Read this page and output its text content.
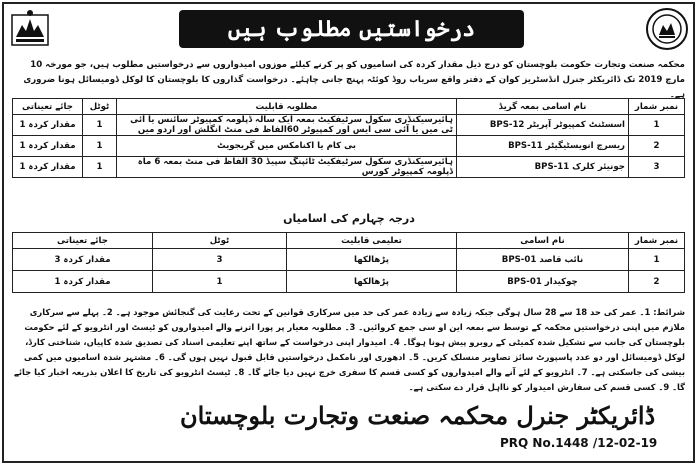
درخواستیں مطلوب ہیں

محکمہ صنعت وتجارت حکومت بلوچستان کو درج ذیل مقدار کردہ کی اسامیوں کو پر کرنے کیلئے موزوں امیدواروں سے درخواستیں مطلوب ہیں، جو مورخہ 10 مارچ 2019 تک ڈائریکٹر جنرل انڈسٹریز کوان کے دفتر واقع سریاب روڈ کوئٹہ پہنچ جانی چاہئے۔ درخواست گذاروں کا بلوچستان کا لوکل ڈومیسائل ہونا ضروری ہے۔

نمبر شمار	نام اسامی بمعہ گریڈ	مطلوبہ قابلیت	ٹوٹل	جائے تعیناتی
1	اسسٹنٹ کمپیوٹر آپریٹر BPS-12	ہائیرسیکنڈری سکول سرٹیفکیٹ بمعہ ایک سالہ ڈپلومہ کمپیوٹر سائنس یا آئی ٹی میں یا آئی سی ایس اور کمپیوٹر 60الفاظ فی منٹ انگلش اور اردو میں	1	مقدار کردہ 1
2	ریسرچ انویسٹیگیٹر BPS-11	بی کام یا اکنامکس میں گریجویٹ	1	مقدار کردہ 1
3	جونیئر کلرک BPS-11	ہائیرسیکنڈری سکول سرٹیفکیٹ ٹائپنگ سپیڈ 30 الفاظ فی منٹ بمعہ 6 ماہ ڈپلومہ کمپیوٹر کورس	1	مقدار کردہ 1
درجہ چہارم کی اسامیاں
نمبر شمار	نام اسامی	تعلیمی قابلیت	ٹوٹل	جائے تعیناتی
1	نائب قاصد BPS-01	پڑھالکھا	3	مقدار کردہ 3
2	چوکیدار BPS-01	پڑھالکھا	1	مقدار کردہ 1

شرائط: 1۔ عمر کی حد 18 سے 28 سال ہوگی جبکہ زیادہ سے زیادہ عمر کی حد میں سرکاری قوانین کے تحت رعایت کی گنجائش موجود ہے۔ 2۔ پہلے سے سرکاری ملازم میں اپنی درخواستیں محکمہ کے توسط سے بمعہ این او سی جمع کروائیں۔ 3۔ مطلوبہ معیار پر پورا اترنے والے امیدواروں کو ٹیسٹ اور انٹرویو کے لئے حکومت بلوچستان کی جانب سے تشکیل شدہ کمیٹی کے روبرو پیش ہونا ہوگا۔ 4۔ امیدوار اپنی درخواست کے ساتھ اپنے تعلیمی اسناد کی تصدیق شدہ کاپیاں، شناختی کارڈ، لوکل ڈومیسائل اور دو عدد پاسپورٹ سائز تصاویر منسلک کریں۔ 5۔ ادھوری اور نامکمل درخواستیں قابل قبول نہیں ہوں گی۔ 6۔ مشتہر شدہ اسامیوں میں کمی بیشی کی جاسکتی ہے۔ 7۔ انٹرویو کے لئے آنے والے امیدواروں کو کسی قسم کا سفری خرچ نہیں دیا جائے گا۔ 8۔ ٹیسٹ انٹرویو کی تاریخ کا اعلان بذریعہ اخبار کیا جائے گا۔ 9۔ کسی قسم کی سفارش امیدوار کو نااہل قرار دے سکتی ہے۔

ڈائریکٹر جنرل محکمہ صنعت وتجارت بلوچستان
PRQ No.1448 /12-02-19
